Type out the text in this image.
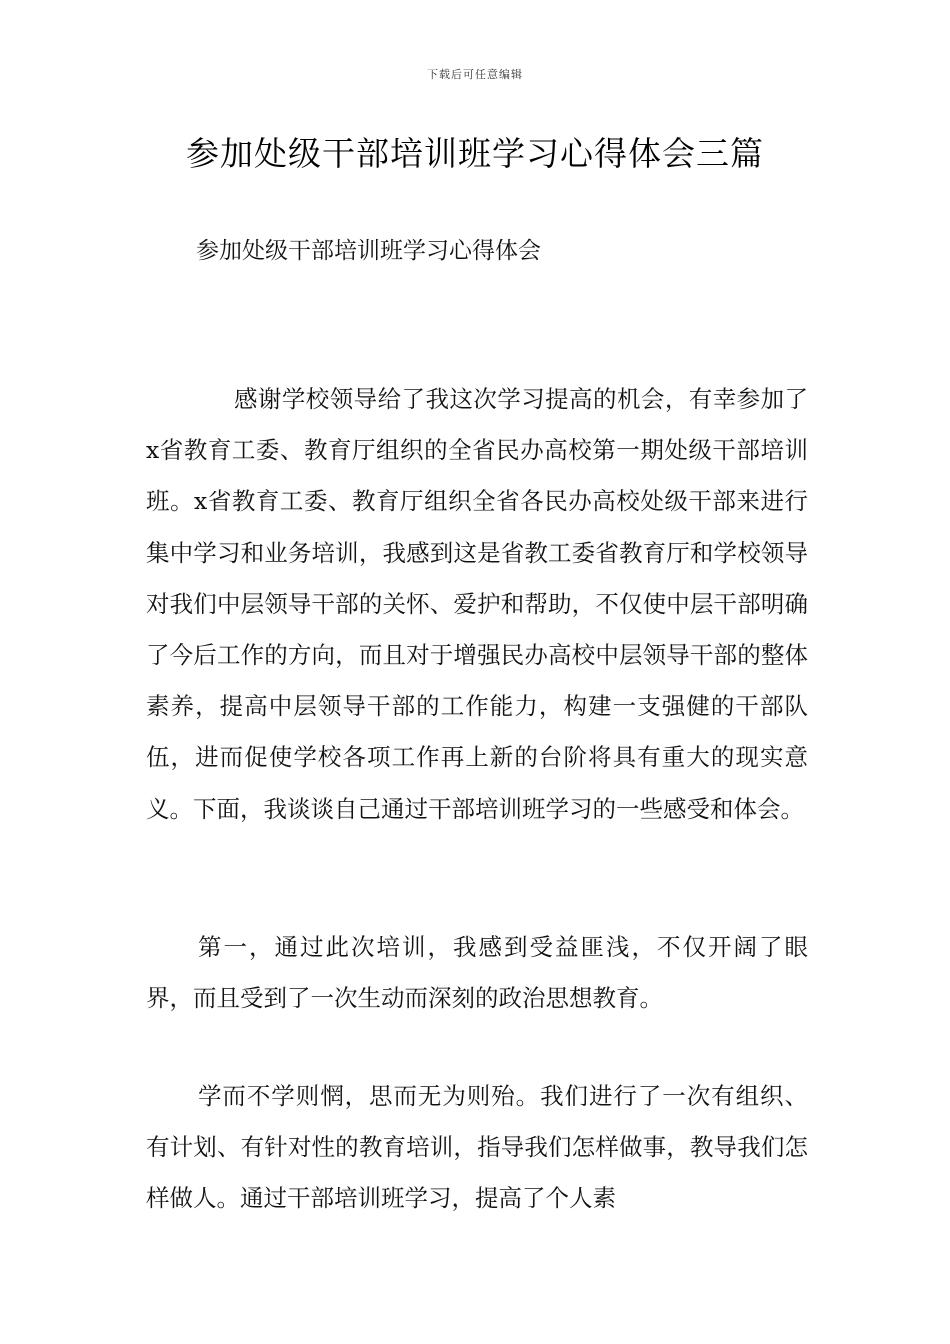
下载后可任意编辑
参加处级干部培训班学习心得体会三篇
参加处级干部培训班学习心得体会

感谢学校领导给了我这次学习提高的机会，有幸参加了x省教育工委、教育厅组织的全省民办高校第一期处级干部培训班。x省教育工委、教育厅组织全省各民办高校处级干部来进行集中学习和业务培训，我感到这是省教工委省教育厅和学校领导对我们中层领导干部的关怀、爱护和帮助，不仅使中层干部明确了今后工作的方向，而且对于增强民办高校中层领导干部的整体素养，提高中层领导干部的工作能力，构建一支强健的干部队伍，进而促使学校各项工作再上新的台阶将具有重大的现实意义。下面，我谈谈自己通过干部培训班学习的一些感受和体会。

第一，通过此次培训，我感到受益匪浅，不仅开阔了眼界，而且受到了一次生动而深刻的政治思想教育。

学而不学则惘，思而无为则殆。我们进行了一次有组织、有计划、有针对性的教育培训，指导我们怎样做事，教导我们怎样做人。通过干部培训班学习，提高了个人素
